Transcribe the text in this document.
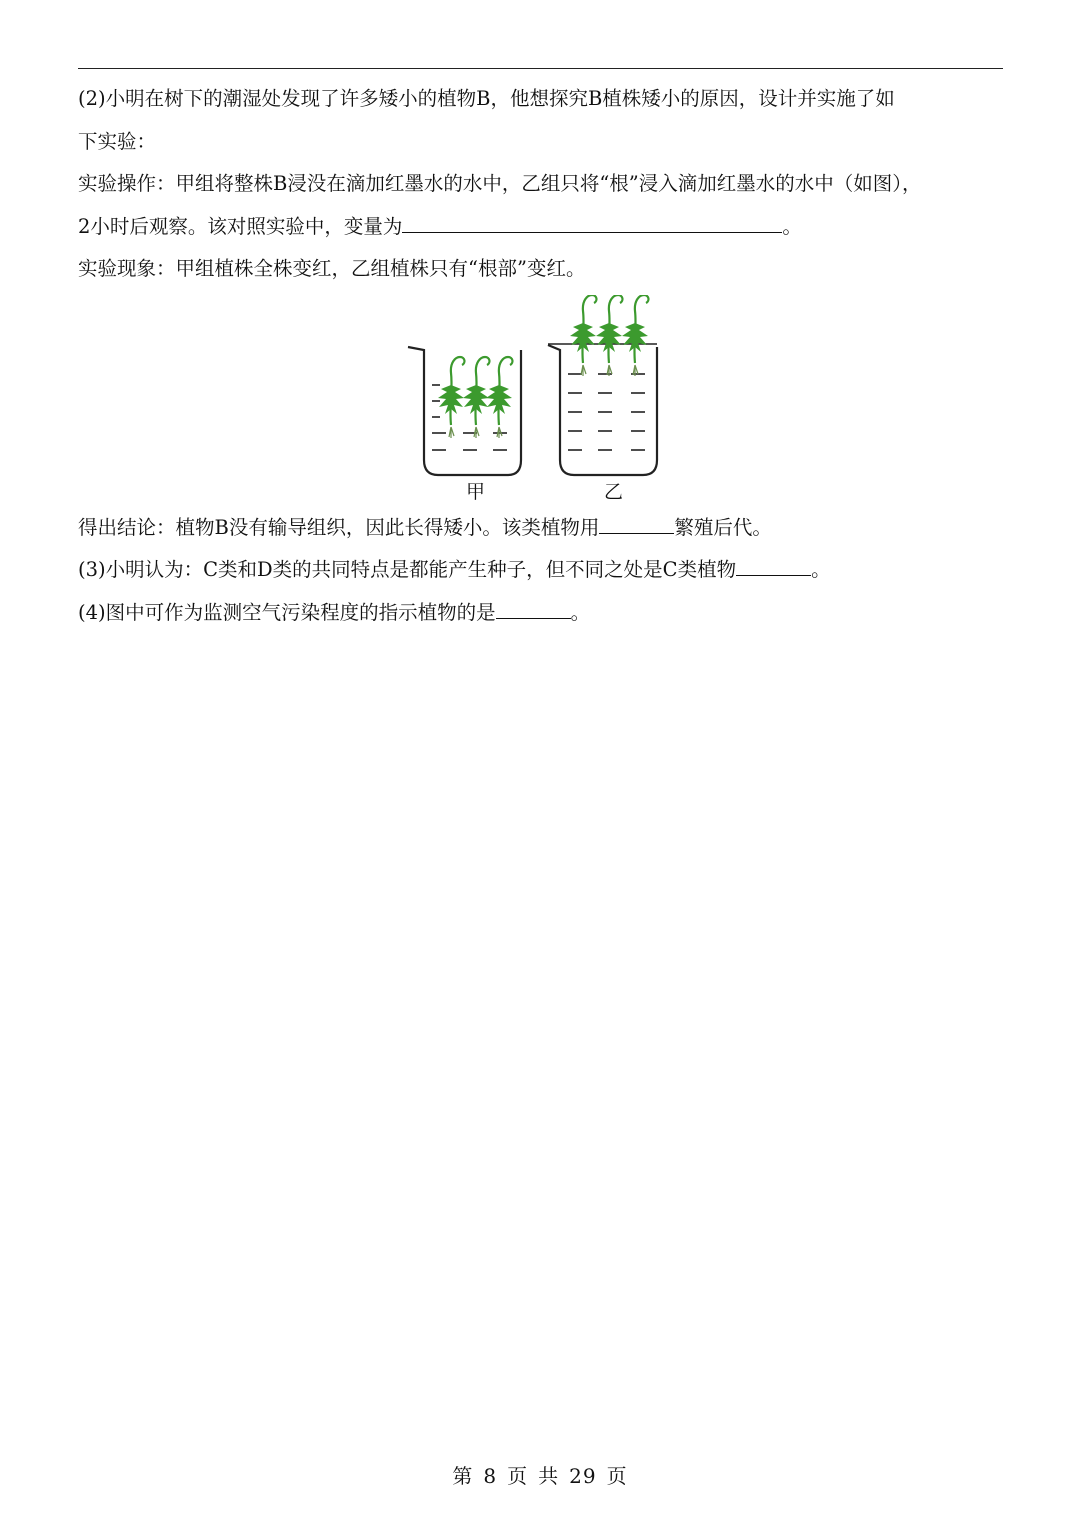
(2)小明在树下的潮湿处发现了许多矮小的植物B，他想探究B植株矮小的原因，设计并实施了如
下实验：
实验操作：甲组将整株B浸没在滴加红墨水的水中，乙组只将“根”浸入滴加红墨水的水中（如图），
2小时后观察。该对照实验中，变量为	。
实验现象：甲组植株全株变红，乙组植株只有“根部”变红。
甲	乙
得出结论：植物B没有输导组织，因此长得矮小。该类植物用	繁殖后代。
(3)小明认为：C类和D类的共同特点是都能产生种子，但不同之处是C类植物	。
(4)图中可作为监测空气污染程度的指示植物的是	。
第 8 页 共 29 页
